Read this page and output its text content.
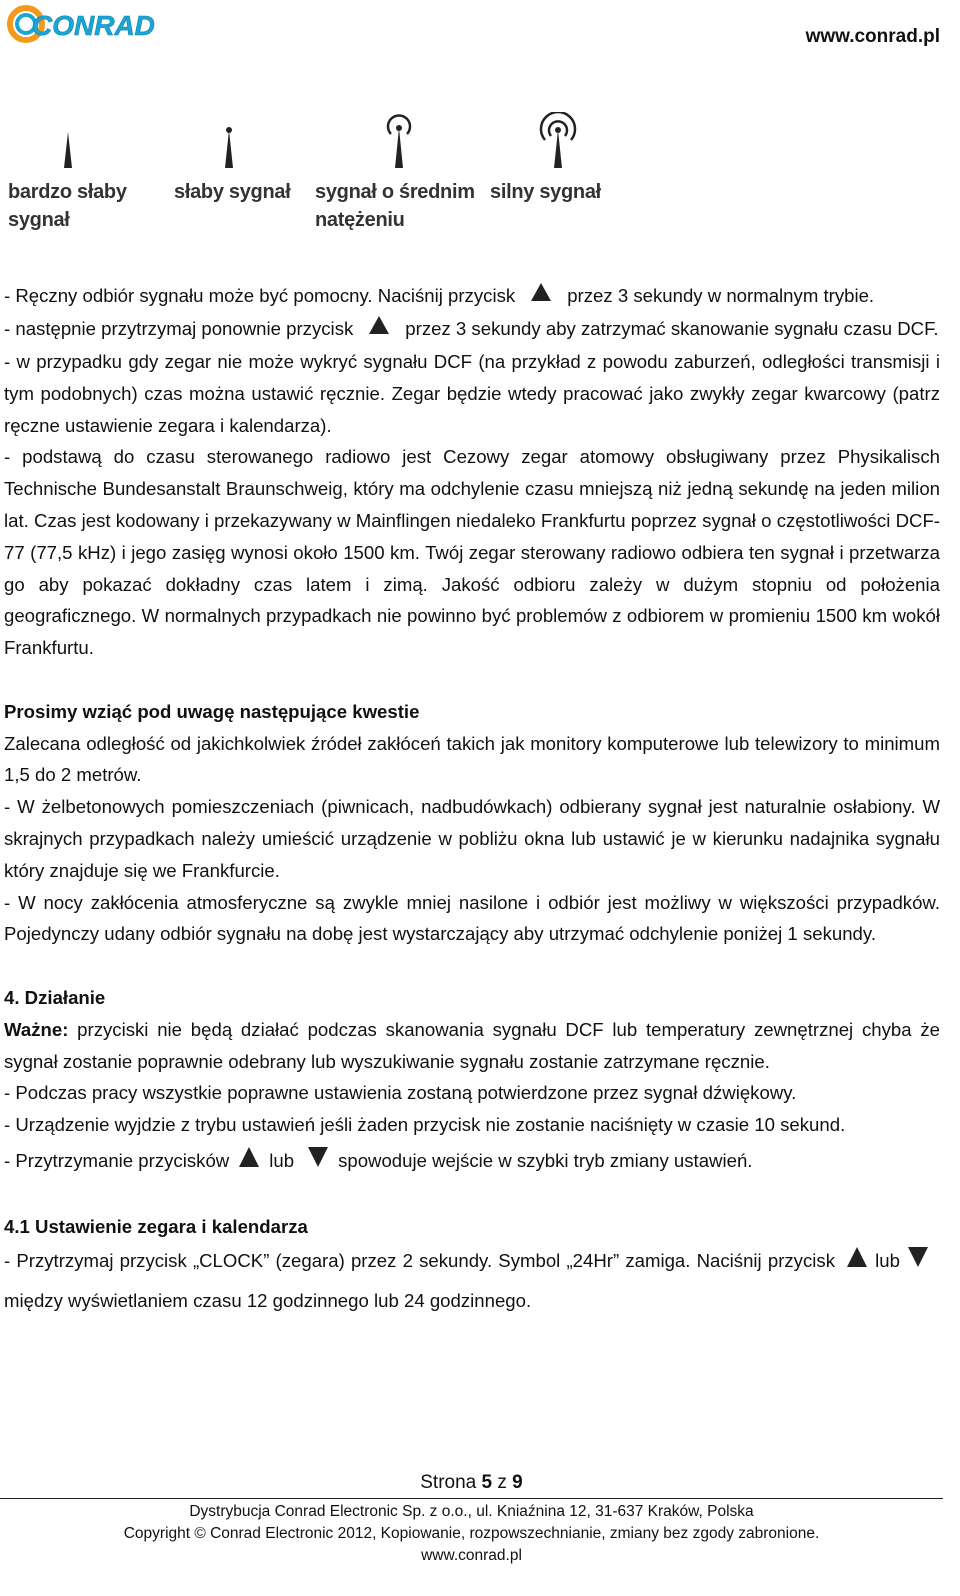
CONRAD	www.conrad.pl
bardzo słaby
sygnał
słaby sygnał sygnał o średnim
natężeniu
silny sygnał

- Ręczny odbiór sygnału może być pomocny. Naciśnij przycisk	przez 3 sekundy w normalnym trybie.

- następnie przytrzymaj ponownie przycisk	przez 3 sekundy aby zatrzymać skanowanie sygnału czasu DCF.

- w przypadku gdy zegar nie może wykryć sygnału DCF (na przykład z powodu zaburzeń, odległości transmisji i tym podobnych) czas można ustawić ręcznie. Zegar będzie wtedy pracować jako zwykły zegar kwarcowy (patrz ręczne ustawienie zegara i kalendarza).

- podstawą do czasu sterowanego radiowo jest Cezowy zegar atomowy obsługiwany przez Physikalisch Technische Bundesanstalt Braunschweig, który ma odchylenie czasu mniejszą niż jedną sekundę na jeden milion lat. Czas jest kodowany i przekazywany w Mainflingen niedaleko Frankfurtu poprzez sygnał o częstotliwości DCF-77 (77,5 kHz) i jego zasięg wynosi około 1500 km. Twój zegar sterowany radiowo odbiera ten sygnał i przetwarza go aby pokazać dokładny czas latem i zimą. Jakość odbioru zależy w dużym stopniu od położenia geograficznego. W normalnych przypadkach nie powinno być problemów z odbiorem w promieniu 1500 km wokół Frankfurtu.

Prosimy wziąć pod uwagę następujące kwestie

Zalecana odległość od jakichkolwiek źródeł zakłóceń takich jak monitory komputerowe lub telewizory to minimum 1,5 do 2 metrów.

- W żelbetonowych pomieszczeniach (piwnicach, nadbudówkach) odbierany sygnał jest naturalnie osłabiony. W skrajnych przypadkach należy umieścić urządzenie w pobliżu okna lub ustawić je w kierunku nadajnika sygnału który znajduje się we Frankfurcie.

- W nocy zakłócenia atmosferyczne są zwykle mniej nasilone i odbiór jest możliwy w większości przypadków. Pojedynczy udany odbiór sygnału na dobę jest wystarczający aby utrzymać odchylenie poniżej 1 sekundy.

4. Działanie

Ważne: przyciski nie będą działać podczas skanowania sygnału DCF lub temperatury zewnętrznej chyba że sygnał zostanie poprawnie odebrany lub wyszukiwanie sygnału zostanie zatrzymane ręcznie.

- Podczas pracy wszystkie poprawne ustawienia zostaną potwierdzone przez sygnał dźwiękowy.

- Urządzenie wyjdzie z trybu ustawień jeśli żaden przycisk nie zostanie naciśnięty w czasie 10 sekund.

- Przytrzymanie przycisków lub spowoduje wejście w szybki tryb zmiany ustawień.

4.1 Ustawienie zegara i kalendarza

- Przytrzymaj przycisk „CLOCK” (zegara) przez 2 sekundy. Symbol „24Hr” zamiga. Naciśnij przycisk lubmiędzy wyświetlaniem czasu 12 godzinnego lub 24 godzinnego.

Strona 5 z 9
Dystrybucja Conrad Electronic Sp. z o.o., ul. Kniaźnina 12, 31-637 Kraków, Polska
Copyright © Conrad Electronic 2012, Kopiowanie, rozpowszechnianie, zmiany bez zgody zabronione.
www.conrad.pl
